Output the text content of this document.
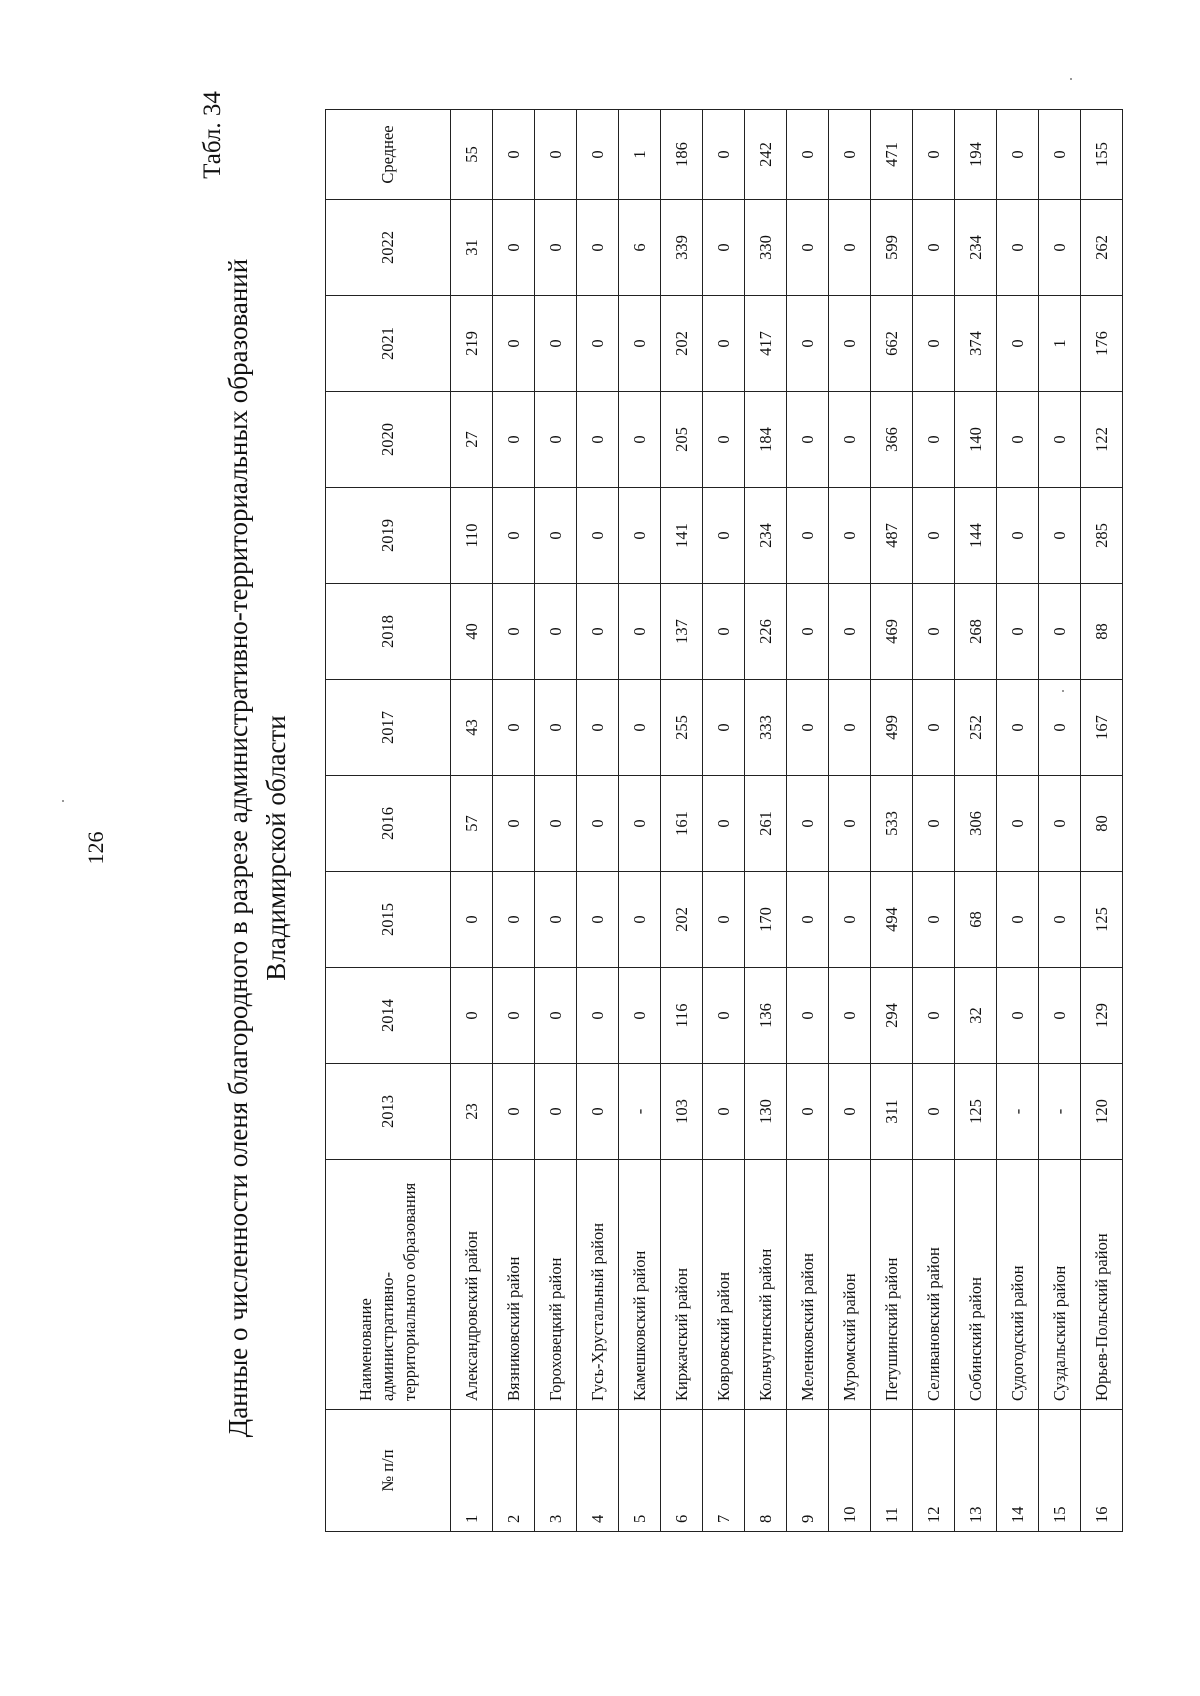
126	Данные о численности оленя благородного в разрезе административно-территориальных образований Владимирской области
Табл. 34
№ п/п	Наименование административно-территориального образования	2013	2014	2015	2016	2017	2018	2019	2020	2021	2022	Среднее
1	Александровский район	23	0	0	57	43	40	110	27	219	31	55
2	Вязниковский район	0	0	0	0	0	0	0	0	0	0	0
3	Гороховецкий район	0	0	0	0	0	0	0	0	0	0	0
4	Гусь-Хрустальный район	0	0	0	0	0	0	0	0	0	0	0
5	Камешковский район	-	0	0	0	0	0	0	0	0	6	1
6	Киржачский район	103	116	202	161	255	137	141	205	202	339	186
7	Ковровский район	0	0	0	0	0	0	0	0	0	0	0
8	Кольчугинский район	130	136	170	261	333	226	234	184	417	330	242
9	Меленковский район	0	0	0	0	0	0	0	0	0	0	0
10	Муромский район	0	0	0	0	0	0	0	0	0	0	0
11	Петушинский район	311	294	494	533	499	469	487	366	662	599	471
12	Селивановский район	0	0	0	0	0	0	0	0	0	0	0
13	Собинский район	125	32	68	306	252	268	144	140	374	234	194
14	Судогодский район	-	0	0	0	0	0	0	0	0	0	0
15	Суздальский район	-	0	0	0	0	0	0	0	1	0	0
16	Юрьев-Польский район	120	129	125	80	167	88	285	122	176	262	155
